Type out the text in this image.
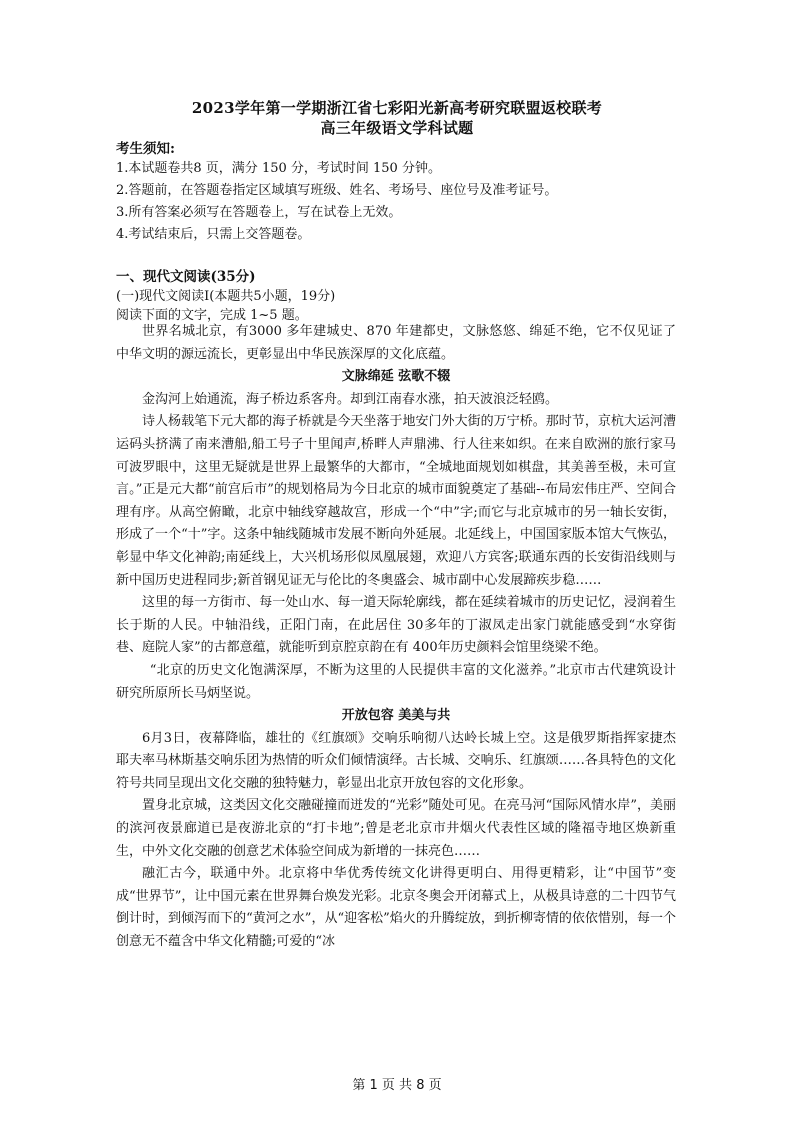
2023学年第一学期浙江省七彩阳光新高考研究联盟返校联考
高三年级语文学科试题
考生须知:
1.本试题卷共8 页，满分 150 分，考试时间 150 分钟。
2.答题前，在答题卷指定区域填写班级、姓名、考场号、座位号及准考证号。
3.所有答案必须写在答题卷上，写在试卷上无效。
4.考试结束后，只需上交答题卷。
一、现代文阅读(35分)
(一)现代文阅读Ⅰ(本题共5小题，19分)
阅读下面的文字，完成 1~5 题。

世界名城北京，有3000 多年建城史、870 年建都史，文脉悠悠、绵延不绝，它不仅见证了中华文明的源远流长，更彰显出中华民族深厚的文化底蕴。

文脉绵延 弦歌不辍

金沟河上始通流，海子桥边系客舟。却到江南春水涨，拍天波浪泛轻鸥。

诗人杨载笔下元大都的海子桥就是今天坐落于地安门外大街的万宁桥。那时节，京杭大运河漕运码头挤满了南来漕船,船工号子十里闻声,桥畔人声鼎沸、行人往来如织。在来自欧洲的旅行家马可波罗眼中，这里无疑就是世界上最繁华的大都市，“全城地面规划如棋盘，其美善至极，未可宣言。”正是元大都“前宫后市”的规划格局为今日北京的城市面貌奠定了基础--布局宏伟庄严、空间合理有序。从高空俯瞰，北京中轴线穿越故宫，形成一个“中”字;而它与北京城市的另一轴长安街，形成了一个“十”字。这条中轴线随城市发展不断向外延展。北延线上，中国国家版本馆大气恢弘，彰显中华文化神韵;南延线上，大兴机场形似凤凰展翅，欢迎八方宾客;联通东西的长安街沿线则与新中国历史进程同步;新首钢见证无与伦比的冬奥盛会、城市副中心发展蹄疾步稳……

这里的每一方街市、每一处山水、每一道天际轮廓线，都在延续着城市的历史记忆，浸润着生长于斯的人民。中轴沿线，正阳门南，在此居住 30多年的丁淑凤走出家门就能感受到“水穿街巷、庭院人家”的古都意蕴，就能听到京腔京韵在有 400年历史颜料会馆里绕梁不绝。

“北京的历史文化饱满深厚，不断为这里的人民提供丰富的文化滋养。”北京市古代建筑设计研究所原所长马炳坚说。

开放包容 美美与共

6月3日，夜幕降临，雄壮的《红旗颂》交响乐响彻八达岭长城上空。这是俄罗斯指挥家捷杰耶夫率马林斯基交响乐团为热情的听众们倾情演绎。古长城、交响乐、红旗颂……各具特色的文化符号共同呈现出文化交融的独特魅力，彰显出北京开放包容的文化形象。

置身北京城，这类因文化交融碰撞而迸发的“光彩”随处可见。在亮马河“国际风情水岸”，美丽的滨河夜景廊道已是夜游北京的“打卡地”;曾是老北京市井烟火代表性区域的隆福寺地区焕新重生，中外文化交融的创意艺术体验空间成为新增的一抹亮色……

融汇古今，联通中外。北京将中华优秀传统文化讲得更明白、用得更精彩，让“中国节”变成“世界节”，让中国元素在世界舞台焕发光彩。北京冬奥会开闭幕式上，从极具诗意的二十四节气倒计时，到倾泻而下的“黄河之水”，从“迎客松”焰火的升腾绽放，到折柳寄情的依依惜别，每一个创意无不蕴含中华文化精髓;可爱的“冰

第 1 页 共 8 页
